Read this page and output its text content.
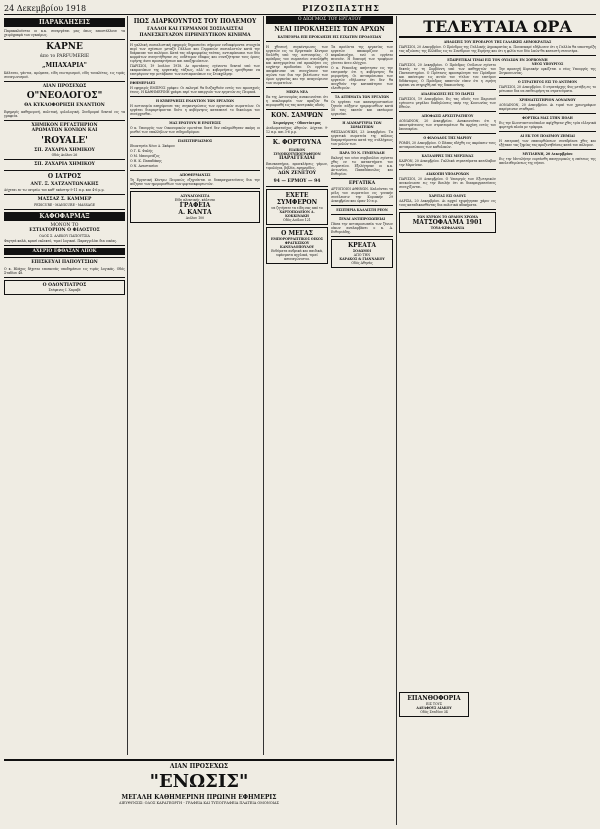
24 Δεκεμβρίου 1918	ΡΙΖΟΣΠΑΣΤΗΣ
ΠΑΡΑΚΛΗΣΕΙΣ
Παρακαλούνται οι κ.κ. συνεργάται μας όπως αποστέλλουν τα χειρόγραφά των εγκαίρως.
ΚΑΡΝΕ
άπο το PARFUMERIE
„ΜΠΑΧΑΡΙΑ"
Κάλτσαι, γάντια, αρώματα, είδη νεωτερισμού, είδη τουαλέτας, εις τιμάς συναγωνισμού.
ΛΙΑΝ ΠΡΟΣΕΧΩΣ
Ο"ΝΕΟΛΟΓΟΣ"
ΘΑ ΚΥΚΛΟΦΟΡΗΣΗ ΕΝΑΝΤΙΟΝ
Εφημερίς καθημερινή, πολιτική, φιλολογική. Συνδρομαί δεκταί εις τα γραφεία.
ΧΗΜΙΚΟΝ ΕΡΓΑΣΤΗΡΙΟΝ
ΑΡΩΜΑΤΩΝ ΚΟΝΙΩΝ ΚΑΙ
'ROYALE'
ΣΠ. ΖΑΧΑΡΙΑ ΧΗΜΙΚΟΥ
Οδός Αιόλου 26
ΣΠ. ΖΑΧΑΡΙΑ ΧΗΜΙΚΟΥ
Ο ΙΑΤΡΟΣ
ΑΝΤ. Ξ. ΧΑΤΖΑΝΤΩΝΑΚΗΣ
Δέχεται εν τω ιατρείω του καθ' εκάστην 9-11 π.μ. και 4-6 μ.μ.
ΜΑΣΣΑΖ Σ. ΚΑΜΜΕΡ
PEDICURE - MANICURE - MASSAGE
ΚΑΦΟΦΑΡΜΑΞ
ΜΟΝΟΝ ΤΟ
ΕΣΤΙΑΤΟΡΙΟΝ Ο ΦΙΛΟΣΤΟΣ
ΟΔΟΣ Σ. ΑΛΕΚΟΥ ΠΑΠΟΥΤΣΙΑ
Φαγητά καλά, κρασί εκλεκτό, τιμαί λογικαί. Παραγγελίαι δια οικίας.
ΑΧΕΡΙΟ ΕΦΘΑΣΑΝ ΑΠΟΚ
ΕΠΙΣΚΕΥΑΙ ΠΑΠΟΥΤΣΙΩΝ
Ο κ. Βλάχος δέχεται επισκευάς υποδημάτων εις τιμάς λογικάς. Οδός Σταδίου 48.
Ο ΟΔΟΝΤΙΑΤΡΟΣ
Στέφανος Ι. Χαραβέ
ΛΙΑΝ ΠΡΟΣΕΧΩΣ
"ΕΝΩΣΙΣ"
ΜΕΓΑΛΗ ΚΑΘΗΜΕΡΙΝΗ ΠΡΩΙΝΗ ΕΦΗΜΕΡΙΣ
ΔΙΕΥΘΥΝΣΙΣ: ΟΔΟΣ ΚΑΡΑΓΕΩΡΓΗ - ΓΡΑΦΕΙΑ ΚΑΙ ΤΥΠΟΓΡΑΦΕΙΑ ΠΛΑΤΕΙΑ ΟΜΟΝΟΙΑΣ
ΠΩΣ ΔΙΑΡΚΟΥΝΤΟΣ ΤΟΥ ΠΟΛΕΜΟΥ
ΓΑΛΛΟΙ ΚΑΙ ΓΕΡΜΑΝΟΙ ΣΟΣΙΑΛΙΣΤΑΙ ΠΑΝΕΣΚΕΥΑΖΟΝ ΕΙΡΗΝΕΥΤΙΚΟΝ ΚΙΝΗΜΑ
Η γαλλική σοσιαλιστική εφημερίς δημοσιεύει σήμερον ενδιαφέροντα στοιχεία περί των σχέσεων μεταξύ Γάλλων και Γερμανών σοσιαλιστών κατά την διάρκειαν του πολέμου. Κατά τας πληροφορίας ταύτας, αντιπρόσωποι των δύο κομμάτων συνηντήθησαν εις ουδέτερον έδαφος και συνεζήτησαν τους όρους ειρήνης άνευ προσαρτήσεων και αποζημιώσεων.
ΠΑΡΙΣΙΟΙ, 19 Ιουλίου 1918. Αι προτάσεις εγένοντο δεκταί υπό των εκπροσώπων της εργατικής τάξεως, αλλ' αι κυβερνήσεις ηρνήθησαν να επιτρέψουν την μετάβασιν των αντιπροσώπων εις Στοκχόλμην.
ΕΦΗΜΕΡΙΔΕΣ
Η εφημερίς ΕΜΠΡΟΣ γράφει: Οι εκλογαί θα διεξαχθούν εντός του προσεχούς έτους. Η ΚΑΘΗΜΕΡΙΝΗ γράφει περί των απεργιών των εργατών εις Πειραιά.
Η ΚΥΒΕΡΝΗΣΙΣ ΕΝΑΝΤΙΟΝ ΤΩΝ ΕΡΓΑΤΩΝ
Η αστυνομία απηγόρευσε τας συγκεντρώσεις των εργατικών σωματείων. Οι εργάται διαμαρτύρονται διότι η κυβέρνησις καταπατεί το δικαίωμα του συνέρχεσθαι.
ΜΑΣ ΕΡΩΤΟΥΝ Η ΕΡΩΤΗΣΙΣ
Ο κ. Υπουργός των Οικονομικών ερωτάται διατί δεν επληρώθησαν ακόμη οι μισθοί των υπαλλήλων των σιδηροδρόμων.
ΠΛΕΙΣΤΗΡΙΑΣΜΟΣ
Ιδιοκτησία Νέου Δ. Σκάφου
Ο Γ. Κ. Φαλής
Ο Μ. Μπουρνάζος
Ο Η. Κ. Παπαδάκης
Ο Ν. Αναστασίου
ΑΠΟΘΕΡΜΑΝΣΙΣ
Τη Εργατική Κέντρω Πειραιώς εξηγούνται οι διαπραγματεύσεις δια την αύξησιν των ημερομισθίων των φορτοεκφορτωτών.
ΑΣΥΝΑΓΩΝΙΣΤΑ
Είδη πλεκτικής, κάλτσαι
ΓΡΑΦΕΙΑ
Α. ΚΑΝΤΑ
Αιόλου 100
Ο ΔΙΩΓΜΟΣ ΤΟΥ ΕΡΓΑΤΟΥ
ΝΕΑΙ ΠΡΟΚΛΗΣΕΙΣ ΤΩΝ ΑΡΧΩΝ
ΚΑΤΗΓΟΡΙΑ ΕΠΙ ΠΡΟΚΛΗΣΕΙ ΕΙΣ ΕΣΧΑΤΗΝ ΠΡΟΔΟΣΙΑΝ
Η χθεσινή συγκέντρωσις των εργατών εις το Εργατικόν Κέντρον διελύθη υπό της αστυνομίας. Ο πρόεδρος του σωματείου συνελήφθη και κατηγορείται επί προκλήσει εις εσχάτην προδοσίαν. Οι εργάται απεφάσισαν να συνεχίσουν τον αγώνα των δια την βελτίωσιν των όρων εργασίας και την αναγνώρισιν των σωματείων.
ΜΙΚΡΑ ΝΕΑ
Εκ της Αστυνομίας ανακοινούται ότι η κυκλοφορία των αμαξών θα περιορισθή εις τας κεντρικάς οδούς.
ΚΟΝ. ΣΑΜΨΩΝ
Χειρούργος - Οδοντίατρος
Διπλωματούχος Αθηνών. Δέχεται 9-12 π.μ. και 3-6 μ.μ.
Κ. ΦΟΡΤΟΥΝΑ
ΕΙΔΙΚΟΝ ΣΥΝΟΙΚΟΤΥΠΟΓΡΑΦΕΙΟΝ
ΠΑΡΑΓΓΕΛΙΑΙ
Επισκεπτήρια, προσκλήσεις γάμων, τιμολόγια, βιβλία, εφημερίδες.
ΔΩΝ ΖΕΝΕΤΟΥ
94 — ΕΡΜΟΥ — 94
ΕΧΕΤΕ ΣΥΜΦΕΡΟΝ
να ζητήσετε τα είδη σας από το
ΧΑΡΤΟΠΩΛΕΙΟΝ Δ. ΚΟΚΚΙΝΑΚΗ
Οδός Αιόλου 121
Ο ΜΕΓΑΣ
ΕΜΠΟΡΟΡΡΑΠΤΙΚΟΣ ΟΙΚΟΣ
ΦΡΑΓΚΙΣΚΟΥ ΚΑΝΕΛΛΟΠΟΥΛΟΥ
Ενδύματα ανδρικά και παιδικά, υφάσματα αγγλικά, τιμαί ασυναγώνιστοι.
Τα προϊόντα της εργασίας των εργατών αποκομίζουν οι κεφαλαιούχοι, ενώ οι εργάται πεινούν. Η διανομή των τροφίμων γίνεται άνευ ελέγχου.
Ο κ. Ρέπουλης απήντησεν εις την επιτροπήν ότι η κυβέρνησις θα μεριμνήση. Οι αντιπρόσωποι των εργατών εδήλωσαν ότι δεν θα ανεχθούν την καταπάτησιν των ελευθεριών.
ΤΑ ΑΙΤΗΜΑΤΑ ΤΩΝ ΕΡΓΑΤΩΝ
Οι εργάται των καπνεργοστασίων ζητούν αύξησιν ημερομισθίων κατά 50 τοις εκατόν και οκτάωρον εργασίαν.
Η ΔΙΑΜΑΡΤΥΡΙΑ ΤΩΝ ΣΩΜΑΤΕΙΩΝ
ΘΕΣΣΑΛΟΝΙΚΗ, 23 Δεκεμβρίου. Τα εργατικά σωματεία της πόλεως διαμαρτύρονται κατά της συλλήψεως των μελών των.
ΠΑΡΑ ΤΟ Ν. ΓΕΝΙΕΝΑΔΗ
Εκλογή του νέου συμβουλίου εγένετο χθες εν τω καταστήματι του σωματείου. Εξελέγησαν οι κ.κ. Αντωνίου, Παπαδόπουλος και Ευθυμίου.
ΕΡΓΑΤΙΚΑ
ΑΡΤΟΠΟΙΟΙ ΑΘΗΝΩΝ. Καλούνται τα μέλη του σωματείου εις γενικήν συνέλευσιν την Κυριακήν 29 Δεκεμβρίου και ώραν 10 π.μ.
ΕΙΣΙΤΗΡΙΑ ΚΑΛΛΙΣΤΗ ΡΕΟΝ
ΞΕΝΑΙ ΑΝΤΙΠΡΟΣΩΠΕΙΑΙ
Πάσα την αντιπροσωπεία των ξένων οίκων αναλαμβάνει ο κ. Α. Ευθυμιάδης.
ΚΡΕΑΤΑ
ΣΟΛΩΜΟΙ
ΑΠΟ ΤΗΝ
ΚΑΡΑΚΟΣ & ΓΙΑΝΝΑΚΟΥ
Οδός Αθηνάς
ΕΠΑΝΘΟΦΟΡΙΑ
ΕΙΣ ΤΟΥΣ
ΑΔΕΛΦΟΥΣ ΔΙΑΚΟΥ
Οδός Σταδίου 34
ΤΕΛΕΥΤΑΙΑ ΩΡΑ
ΔΗΛΩΣΕΙΣ ΤΟΥ ΠΡΟΕΔΡΟΥ ΤΗΣ ΓΑΛΛΙΚΗΣ ΔΗΜΟΚΡΑΤΙΑΣ
ΠΑΡΙΣΙΟΙ, 20 Δεκεμβρίου. Ο Πρόεδρος της Γαλλικής Δημοκρατίας κ. Πουανκαρέ εδήλωσεν ότι η Γαλλία θα υποστηρίξη τας αξιώσεις της Ελλάδος εις το Συνέδριον της Ειρήνης και ότι η φιλία των δύο λαών θα καταστή στενοτέρα.
ΕΞΑΙΡΕΤΙΚΑΙ ΤΙΜΑΙ ΕΙΣ ΤΟΝ ΟΥΙΛΣΩΝ ΕΝ ΣΟΡΒΟΝΝΗ
ΠΑΡΙΣΙΟΙ, 20 Δεκεμβρίου. Ο Πρόεδρος Ουίλσων εγένετο δεκτός εν τη Σορβόννη υπό των καθηγητών του Πανεπιστημίου. Ο Πρύτανις προσεφώνησε τον Πρόεδρον και απένειμεν εις αυτόν τον τίτλον του επιτίμου διδάκτορος. Ο Πρόεδρος απαντών είπεν ότι η ειρήνη πρέπει να στηριχθή επί της δικαιοσύνης.
ΔΙΑΔΗΛΩΣΕΙΣ ΕΙΣ ΤΟ ΠΑΡΙΣΙ
ΠΑΡΙΣΙΟΙ, 19 Δεκεμβρίου. Εις τας οδούς του Παρισιού εγένοντο μεγάλαι διαδηλώσεις υπέρ της Κοινωνίας των Εθνών.
ΑΠΟΦΑΣΙΣ ΑΡΧΙΣΤΡΑΤΗΓΟΥ
ΛΟΝΔΙΝΟΝ, 20 Δεκεμβρίου. Ανακοινούται ότι η αποστράτευσις των στρατευμάτων θα αρχίση εντός του Ιανουαρίου.
Ο ΦΙΛΟΛΑΟΣ ΤΗΣ ΜΑΡΙΟΥ
ΡΩΜΗ, 20 Δεκεμβρίου. Ο Πάπας εδέχθη εις ακρόασιν τους αντιπροσώπους των καθολικών.
ΚΑΤΑΛΗΨΙΣ ΤΗΣ ΜΕΡΣΙΝΑΣ
ΚΑΙΡΟΝ, 20 Δεκεμβρίου. Γαλλικά στρατεύματα κατέλαβον την Μερσίναν.
ΔΙΑΚΟΠΗ ΥΠΟΔΡΟΧΩΝ
ΠΑΡΙΣΙΟΙ, 20 Δεκεμβρίου. Ο Υπουργός των Εξωτερικών ανεκοίνωσεν εις την Βουλήν ότι αι διαπραγματεύσεις συνεχίζονται.
ΧΑΡΙΤΑΣ ΕΙΣ ΟΛΟΥΣ
ΛΑΡΙΣΑ, 20 Δεκεμβρίου. Αι αρχαί εχορήγησαν χάριν εις τους καταδικασθέντας δια πολιτικά αδικήματα.
ΤΩΝ ΚΥΡΙΩΝ ΤΟ ΩΡΑΙΟΝ ΧΡΩΜΑ
ΜΑΤΣΟΦΑΛΜΑ 1901
ΤΟΥΑ-ΚΕΦΑΛΑΝΙΑ
ΝΕΟΣ ΥΠΟΥΡΓΟΣ
Την προσεχή Κυριακήν ορκίζεται ο νέος Υπουργός της Συγκοινωνίας.
Ο ΣΤΡΑΤΗΓΟΣ ΕΙΣ ΤΟ ΑΝΤΙΜΟΝ
ΠΑΡΙΣΙΟΙ, 20 Δεκεμβρίου. Ο στρατάρχης Φος μετέβη εις το μέτωπον δια να επιθεωρήση τα στρατεύματα.
ΧΡΗΜΑΤΙΣΤΗΡΙΟΝ ΛΟΝΔΙΝΟΥ
ΛΟΝΔΙΝΟΝ, 20 Δεκεμβρίου. Αι τιμαί των χρεωγράφων παρέμειναν σταθεραί.
ΦΟΡΤΙΚΑ ΜΑΣ ΣΤΗΝ ΠΟΛΗ
Εις την Κωνσταντινούπολιν αφίχθησαν χθες τρία ελληνικά φορτηγά πλοία με τρόφιμα.
ΑΙ ΕΚ ΤΟΥ ΠΟΛΕΜΟΥ ΖΗΜΙΑΙ
Η επιτροπή των επανορθώσεων συνεδρίασε χθες και εξήτασε τας ζημίας τας προξενηθείσας κατά τον πόλεμον.
ΜΥΤΙΛΗΝΗ, 20 Δεκεμβρίου
Εις την Μυτιλήνην εορτάσθη πανηγυρικώς η επέτειος της απελευθερώσεως της νήσου.
